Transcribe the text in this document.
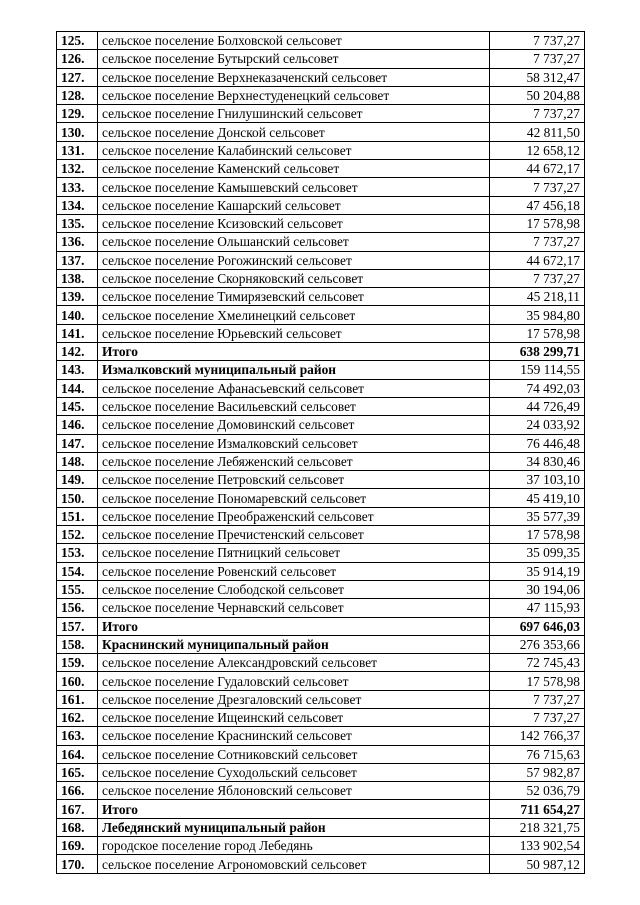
125.	сельское поселение Болховской сельсовет	7 737,27
126.	сельское поселение Бутырский сельсовет	7 737,27
127.	сельское поселение Верхнеказаченский сельсовет	58 312,47
128.	сельское поселение Верхнестуденецкий сельсовет	50 204,88
129.	сельское поселение Гнилушинский сельсовет	7 737,27
130.	сельское поселение Донской сельсовет	42 811,50
131.	сельское поселение Калабинский сельсовет	12 658,12
132.	сельское поселение Каменский сельсовет	44 672,17
133.	сельское поселение Камышевский сельсовет	7 737,27
134.	сельское поселение Кашарский сельсовет	47 456,18
135.	сельское поселение Ксизовский сельсовет	17 578,98
136.	сельское поселение Ольшанский сельсовет	7 737,27
137.	сельское поселение Рогожинский сельсовет	44 672,17
138.	сельское поселение Скорняковский сельсовет	7 737,27
139.	сельское поселение Тимирязевский сельсовет	45 218,11
140.	сельское поселение Хмелинецкий сельсовет	35 984,80
141.	сельское поселение Юрьевский сельсовет	17 578,98
142.	Итого	638 299,71
143.	Измалковский муниципальный район	159 114,55
144.	сельское поселение Афанасьевский сельсовет	74 492,03
145.	сельское поселение Васильевский сельсовет	44 726,49
146.	сельское поселение Домовинский сельсовет	24 033,92
147.	сельское поселение Измалковский сельсовет	76 446,48
148.	сельское поселение Лебяженский сельсовет	34 830,46
149.	сельское поселение Петровский сельсовет	37 103,10
150.	сельское поселение Пономаревский сельсовет	45 419,10
151.	сельское поселение Преображенский сельсовет	35 577,39
152.	сельское поселение Пречистенский сельсовет	17 578,98
153.	сельское поселение Пятницкий сельсовет	35 099,35
154.	сельское поселение Ровенский сельсовет	35 914,19
155.	сельское поселение Слободской сельсовет	30 194,06
156.	сельское поселение Чернавский сельсовет	47 115,93
157.	Итого	697 646,03
158.	Краснинский муниципальный район	276 353,66
159.	сельское поселение Александровский сельсовет	72 745,43
160.	сельское поселение Гудаловский сельсовет	17 578,98
161.	сельское поселение Дрезгаловский сельсовет	7 737,27
162.	сельское поселение Ищеинский сельсовет	7 737,27
163.	сельское поселение Краснинский сельсовет	142 766,37
164.	сельское поселение Сотниковский сельсовет	76 715,63
165.	сельское поселение Суходольский сельсовет	57 982,87
166.	сельское поселение Яблоновский сельсовет	52 036,79
167.	Итого	711 654,27
168.	Лебедянский муниципальный район	218 321,75
169.	городское поселение город Лебедянь	133 902,54
170.	сельское поселение Агрономовский сельсовет	50 987,12
